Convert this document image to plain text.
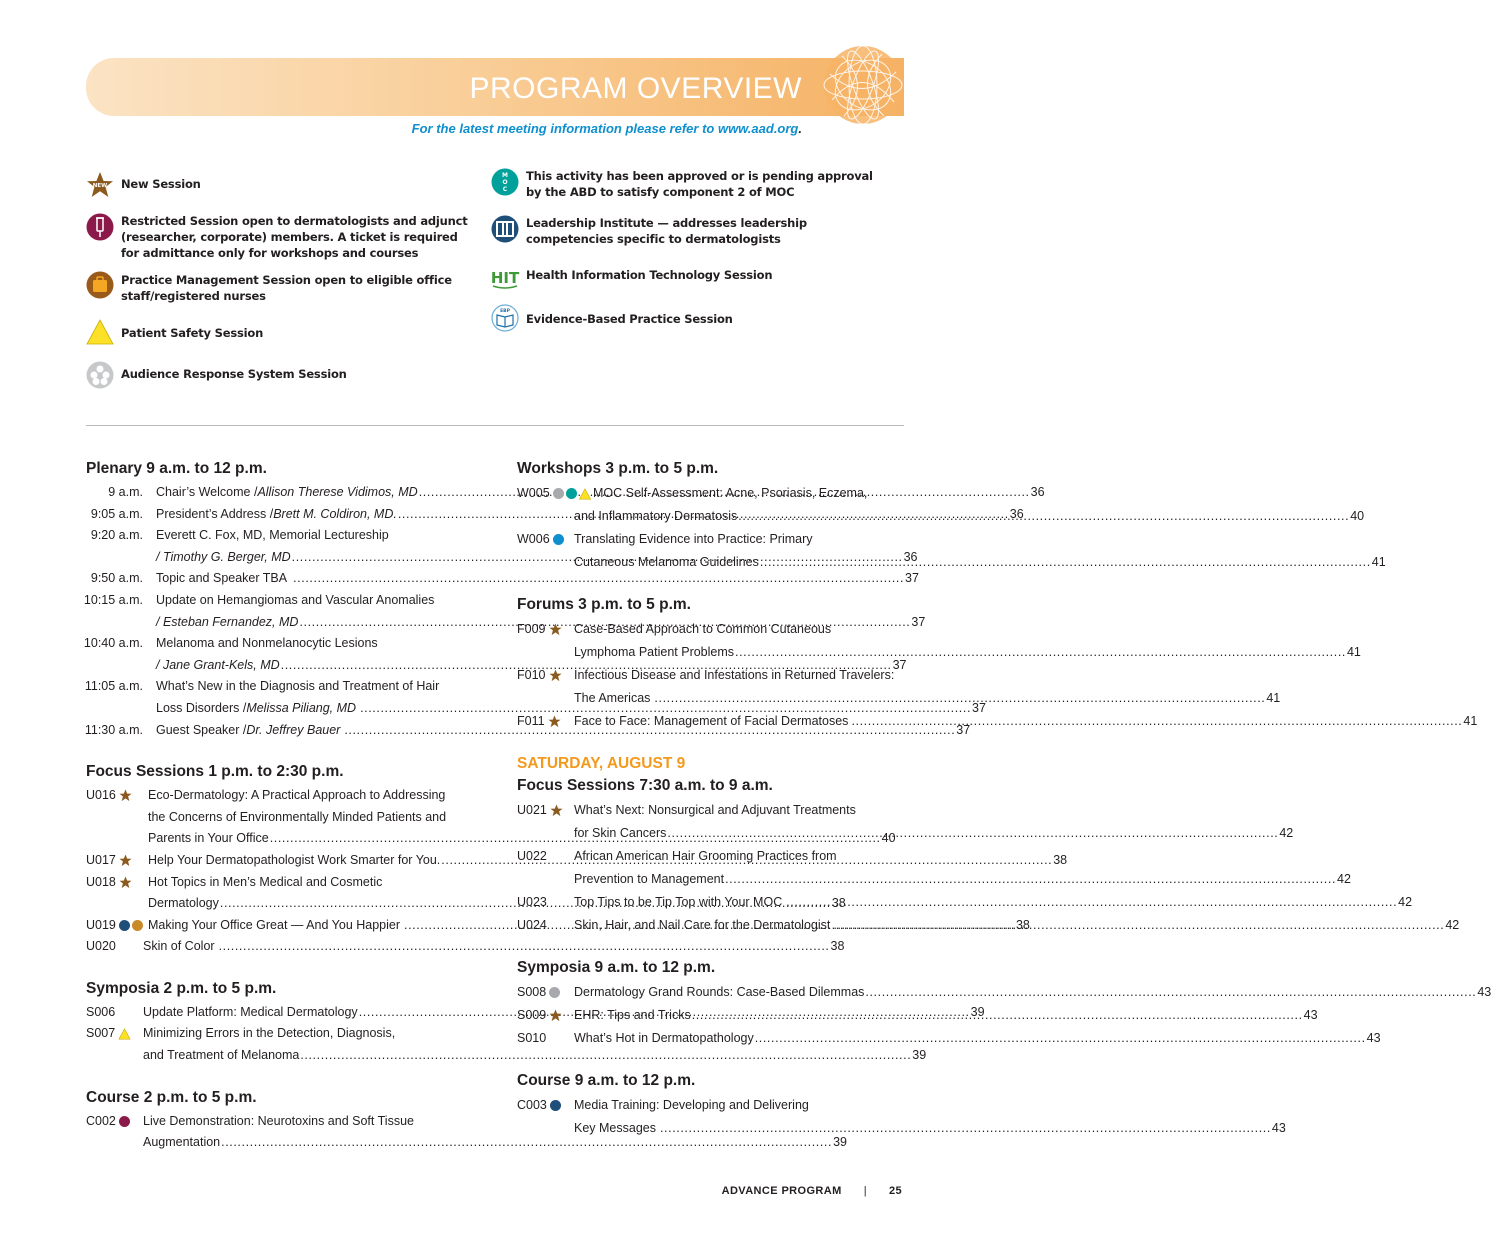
PROGRAM OVERVIEW
For the latest meeting information please refer to www.aad.org.
NEW New Session
Restricted Session open to dermatologists and adjunct (researcher, corporate) members. A ticket is required for admittance only for workshops and courses
Practice Management Session open to eligible office staff/registered nurses
Patient Safety Session
Audience Response System Session
M
O
C
This activity has been approved or is pending approval by the ABD to satisfy component 2 of MOC
Leadership Institute — addresses leadership competencies specific to dermatologists
HIT Health Information Technology Session
EBP
Evidence-Based Practice Session
Plenary 9 a.m. to 12 p.m.
9 a.m.	Chair’s Welcome / Allison Therese Vidimos, MD .....	36
9:05 a.m.	President’s Address / Brett M. Coldiron, MD. .....	36
9:20 a.m.	Everett C. Fox, MD, Memorial Lectureship
/ Timothy G. Berger, MD .....	36
9:50 a.m.	Topic and Speaker TBA .....	37
10:15 a.m.	Update on Hemangiomas and Vascular Anomalies
/ Esteban Fernandez, MD .....	37
10:40 a.m.	Melanoma and Nonmelanocytic Lesions
/ Jane Grant-Kels, MD .....	37
11:05 a.m.	What’s New in the Diagnosis and Treatment of Hair
Loss Disorders / Melissa Piliang, MD .....	37
11:30 a.m.	Guest Speaker / Dr. Jeffrey Bauer .....	37
Focus Sessions 1 p.m. to 2:30 p.m.
U016	Eco-Dermatology: A Practical Approach to Addressing
the Concerns of Environmentally Minded Patients and
Parents in Your Office .....	40
U017	Help Your Dermatopathologist Work Smarter for You. .....	38
U018	Hot Topics in Men’s Medical and Cosmetic
Dermatology .....	38
U019	Making Your Office Great — And You Happier .....	38
U020 Skin of Color .....	38
Symposia 2 p.m. to 5 p.m.
S006 Update Platform: Medical Dermatology .....	39
S007 Minimizing Errors in the Detection, Diagnosis,
and Treatment of Melanoma .....	39
Course 2 p.m. to 5 p.m.
C002 Live Demonstration: Neurotoxins and Soft Tissue
Augmentation .....	39
Workshops 3 p.m. to 5 p.m.
W005	MOC Self-Assessment: Acne, Psoriasis, Eczema,
and Inflammatory Dermatosis .....	40
W006 Translating Evidence into Practice: Primary
Cutaneous Melanoma Guidelines .....	41
Forums 3 p.m. to 5 p.m.
F009 Case-Based Approach to Common Cutaneous
Lymphoma Patient Problems .....	41
F010 Infectious Disease and Infestations in Returned Travelers:
The Americas .....	41
F011 Face to Face: Management of Facial Dermatoses .....	41
SATURDAY, AUGUST 9
Focus Sessions 7:30 a.m. to 9 a.m.
U021 What’s Next: Nonsurgical and Adjuvant Treatments
for Skin Cancers .....	42
U022 African American Hair Grooming Practices from
Prevention to Management .....	42
U023 Top Tips to be Tip Top with Your MOC .....	42
U024 Skin, Hair, and Nail Care for the Dermatologist .....	42
Symposia 9 a.m. to 12 p.m.
S008 Dermatology Grand Rounds: Case-Based Dilemmas .....	43
S009 EHR: Tips and Tricks .....	43
S010 What’s Hot in Dermatopathology .....	43
Course 9 a.m. to 12 p.m.
C003 Media Training: Developing and Delivering
Key Messages .....	43
ADVANCE PROGRAM | 25
